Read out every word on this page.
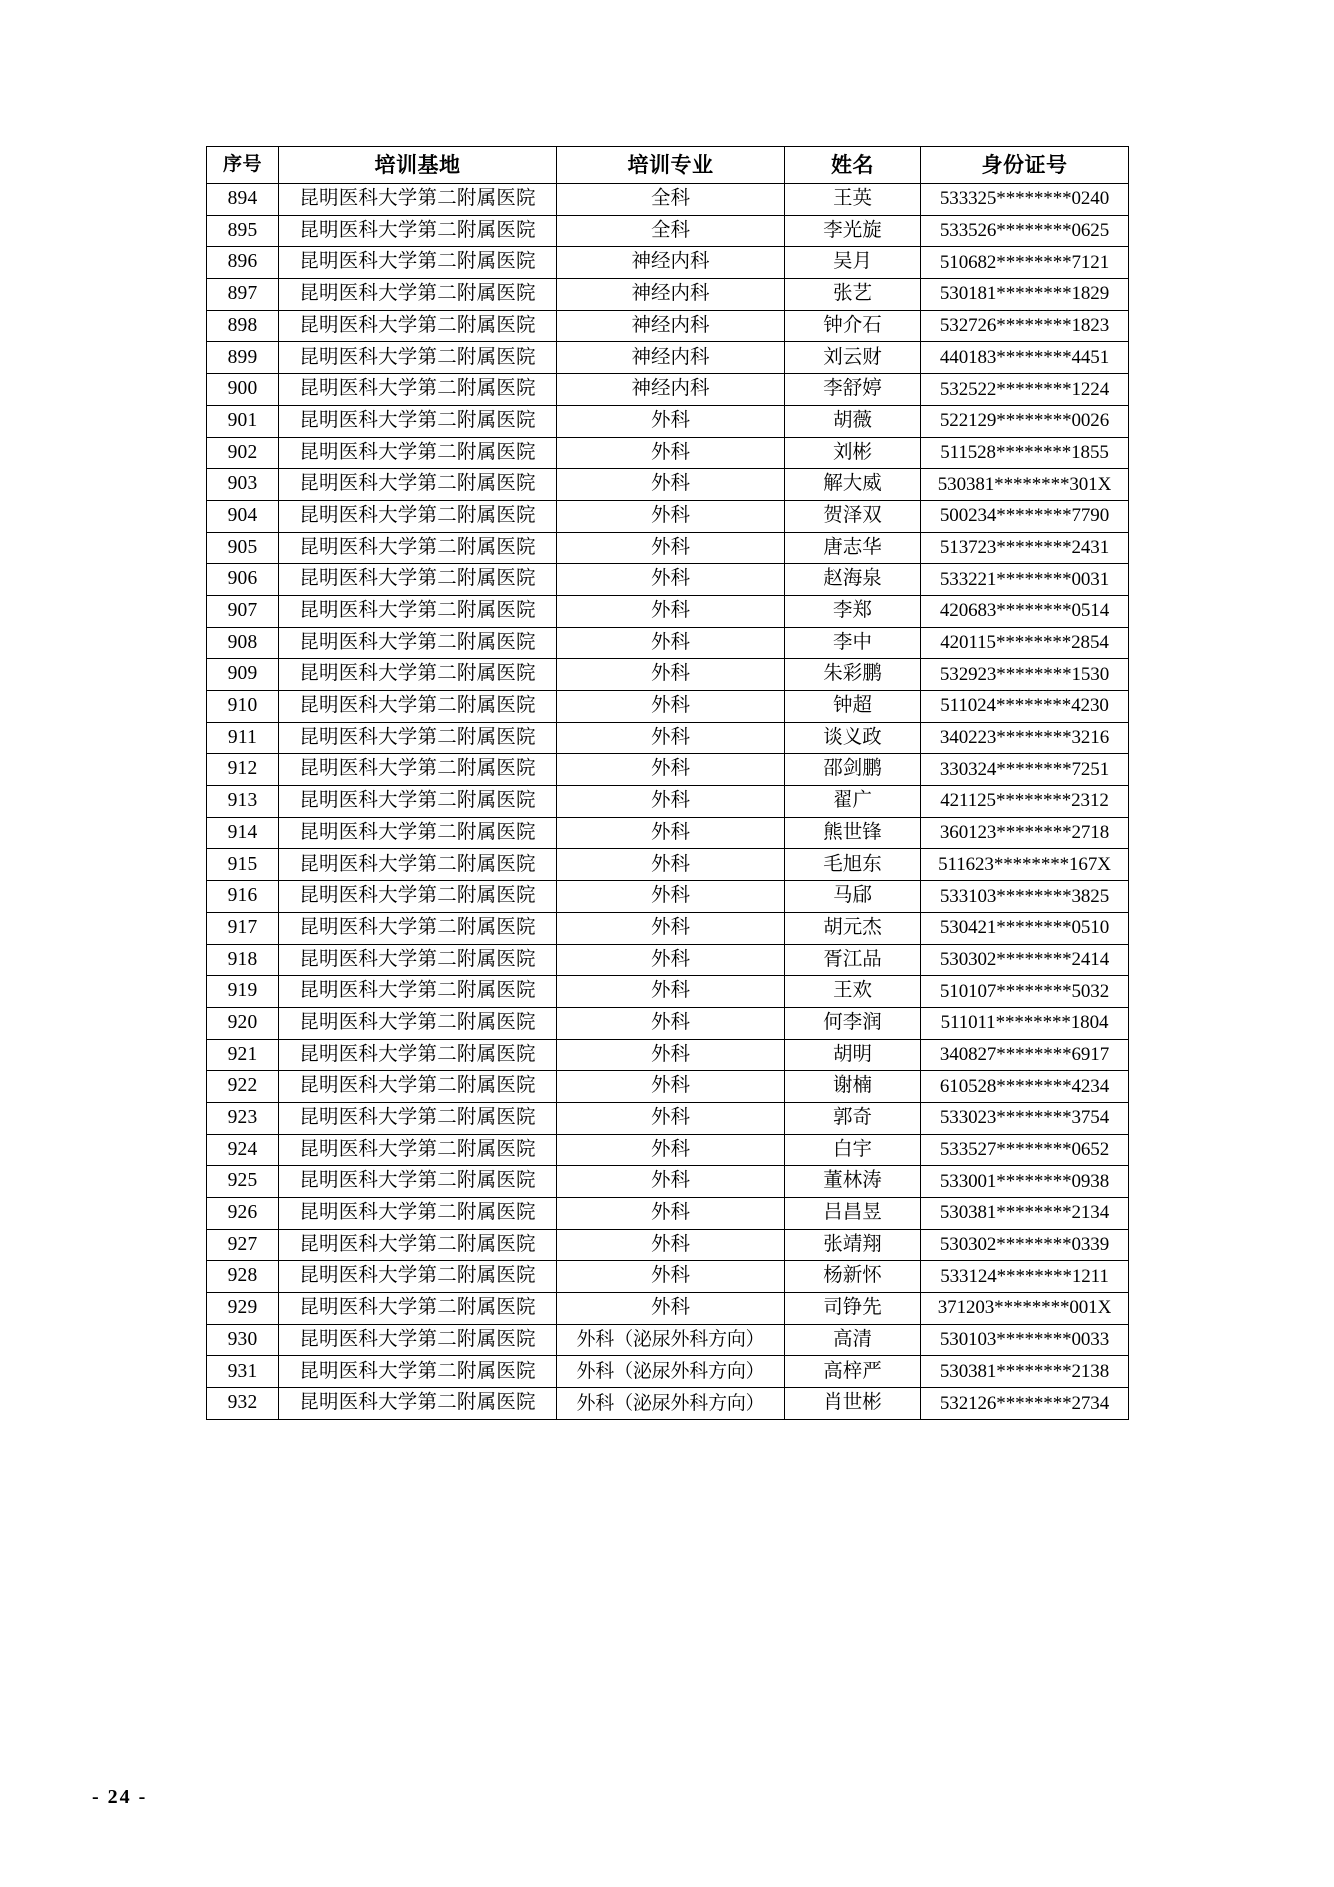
序号	培训基地	培训专业	姓名	身份证号
894	昆明医科大学第二附属医院	全科	王英	533325********0240
895	昆明医科大学第二附属医院	全科	李光旋	533526********0625
896	昆明医科大学第二附属医院	神经内科	吴月	510682********7121
897	昆明医科大学第二附属医院	神经内科	张艺	530181********1829
898	昆明医科大学第二附属医院	神经内科	钟介石	532726********1823
899	昆明医科大学第二附属医院	神经内科	刘云财	440183********4451
900	昆明医科大学第二附属医院	神经内科	李舒婷	532522********1224
901	昆明医科大学第二附属医院	外科	胡薇	522129********0026
902	昆明医科大学第二附属医院	外科	刘彬	511528********1855
903	昆明医科大学第二附属医院	外科	解大威	530381********301X
904	昆明医科大学第二附属医院	外科	贺泽双	500234********7790
905	昆明医科大学第二附属医院	外科	唐志华	513723********2431
906	昆明医科大学第二附属医院	外科	赵海泉	533221********0031
907	昆明医科大学第二附属医院	外科	李郑	420683********0514
908	昆明医科大学第二附属医院	外科	李中	420115********2854
909	昆明医科大学第二附属医院	外科	朱彩鹏	532923********1530
910	昆明医科大学第二附属医院	外科	钟超	511024********4230
911	昆明医科大学第二附属医院	外科	谈义政	340223********3216
912	昆明医科大学第二附属医院	外科	邵剑鹏	330324********7251
913	昆明医科大学第二附属医院	外科	翟广	421125********2312
914	昆明医科大学第二附属医院	外科	熊世锋	360123********2718
915	昆明医科大学第二附属医院	外科	毛旭东	511623********167X
916	昆明医科大学第二附属医院	外科	马郈	533103********3825
917	昆明医科大学第二附属医院	外科	胡元杰	530421********0510
918	昆明医科大学第二附属医院	外科	胥江品	530302********2414
919	昆明医科大学第二附属医院	外科	王欢	510107********5032
920	昆明医科大学第二附属医院	外科	何李润	511011********1804
921	昆明医科大学第二附属医院	外科	胡明	340827********6917
922	昆明医科大学第二附属医院	外科	谢楠	610528********4234
923	昆明医科大学第二附属医院	外科	郭奇	533023********3754
924	昆明医科大学第二附属医院	外科	白宇	533527********0652
925	昆明医科大学第二附属医院	外科	董林涛	533001********0938
926	昆明医科大学第二附属医院	外科	吕昌昱	530381********2134
927	昆明医科大学第二附属医院	外科	张靖翔	530302********0339
928	昆明医科大学第二附属医院	外科	杨新怀	533124********1211
929	昆明医科大学第二附属医院	外科	司铮先	371203********001X
930	昆明医科大学第二附属医院	外科（泌尿外科方向）	高清	530103********0033
931	昆明医科大学第二附属医院	外科（泌尿外科方向）	高梓严	530381********2138
932	昆明医科大学第二附属医院	外科（泌尿外科方向）	肖世彬	532126********2734
- 24 -
